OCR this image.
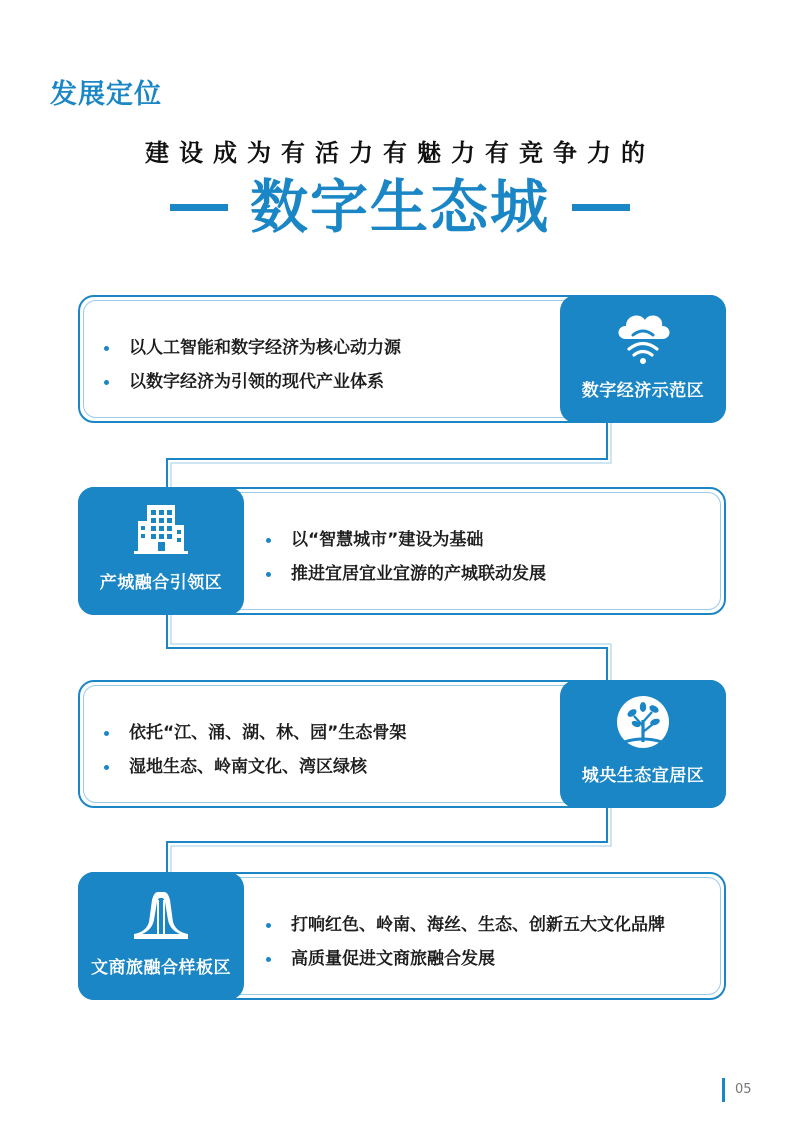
发展定位
建设成为有活力有魅力有竞争力的
数字生态城
以人工智能和数字经济为核心动力源
以数字经济为引领的现代产业体系	数字经济示范区
产城融合引领区
以“智慧城市”建设为基础
推进宜居宜业宜游的产城联动发展
依托“江、涌、湖、林、园”生态骨架
湿地生态、岭南文化、湾区绿核	城央生态宜居区
文商旅融合样板区
打响红色、岭南、海丝、生态、创新五大文化品牌
高质量促进文商旅融合发展
05
